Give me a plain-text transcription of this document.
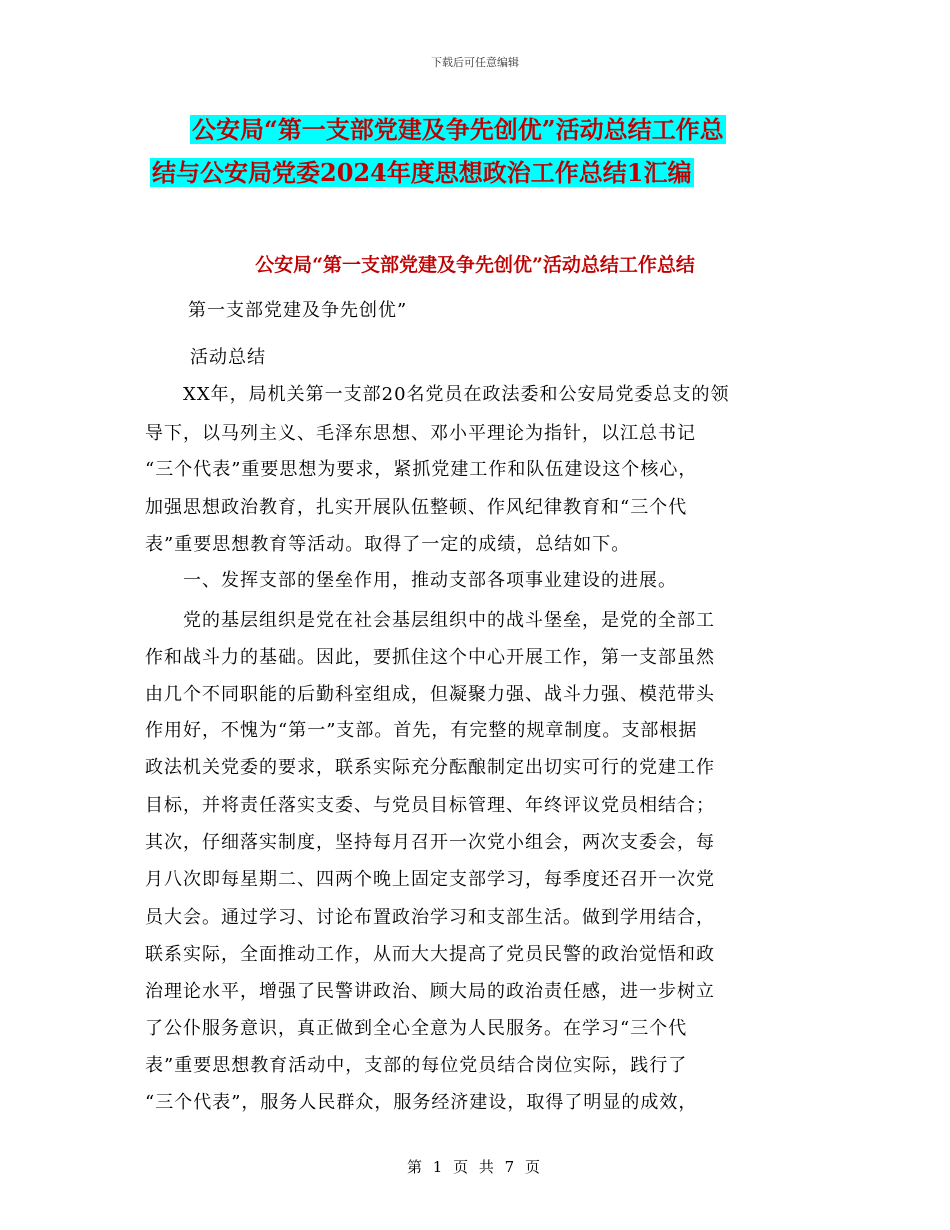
下载后可任意编辑
公安局“第一支部党建及争先创优”活动总结工作总
结与公安局党委2024年度思想政治工作总结1汇编
公安局“第一支部党建及争先创优”活动总结工作总结
第一支部党建及争先创优”
活动总结
　　XX年，局机关第一支部20名党员在政法委和公安局党委总支的领
导下，以马列主义、毛泽东思想、邓小平理论为指针，以江总书记
“三个代表”重要思想为要求，紧抓党建工作和队伍建设这个核心，
加强思想政治教育，扎实开展队伍整顿、作风纪律教育和“三个代
表”重要思想教育等活动。取得了一定的成绩，总结如下。
　　一、发挥支部的堡垒作用，推动支部各项事业建设的进展。
　　党的基层组织是党在社会基层组织中的战斗堡垒，是党的全部工
作和战斗力的基础。因此，要抓住这个中心开展工作，第一支部虽然
由几个不同职能的后勤科室组成，但凝聚力强、战斗力强、模范带头
作用好，不愧为“第一”支部。首先，有完整的规章制度。支部根据
政法机关党委的要求，联系实际充分酝酿制定出切实可行的党建工作
目标，并将责任落实支委、与党员目标管理、年终评议党员相结合；
其次，仔细落实制度，坚持每月召开一次党小组会，两次支委会，每
月八次即每星期二、四两个晚上固定支部学习，每季度还召开一次党
员大会。通过学习、讨论布置政治学习和支部生活。做到学用结合，
联系实际，全面推动工作，从而大大提高了党员民警的政治觉悟和政
治理论水平，增强了民警讲政治、顾大局的政治责任感，进一步树立
了公仆服务意识，真正做到全心全意为人民服务。在学习“三个代
表”重要思想教育活动中，支部的每位党员结合岗位实际，践行了
“三个代表”，服务人民群众，服务经济建设，取得了明显的成效，
第 1 页 共 7 页
